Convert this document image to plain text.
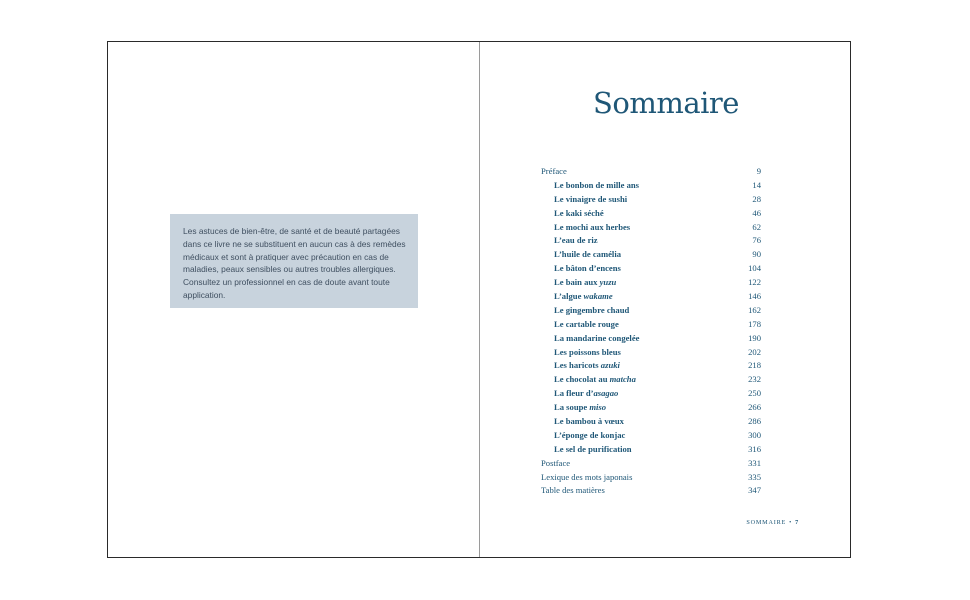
Les astuces de bien-être, de santé et de beauté partagées dans ce livre ne se substituent en aucun cas à des remèdes médicaux et sont à pratiquer avec précaution en cas de maladies, peaux sensibles ou autres troubles allergiques. Consultez un professionnel en cas de doute avant toute application.

Sommaire
Préface	9
Le bonbon de mille ans	14
Le vinaigre de sushi	28
Le kaki séché	46
Le mochi aux herbes	62
L’eau de riz	76
L’huile de camélia	90
Le bâton d’encens	104
Le bain aux yuzu	122
L’algue wakame	146
Le gingembre chaud	162
Le cartable rouge	178
La mandarine congelée	190
Les poissons bleus	202
Les haricots azuki	218
Le chocolat au matcha	232
La fleur d’asagao	250
La soupe miso	266
Le bambou à vœux	286
L’éponge de konjac	300
Le sel de purification	316
Postface	331
Lexique des mots japonais	335
Table des matières	347
SOMMAIRE • 7
